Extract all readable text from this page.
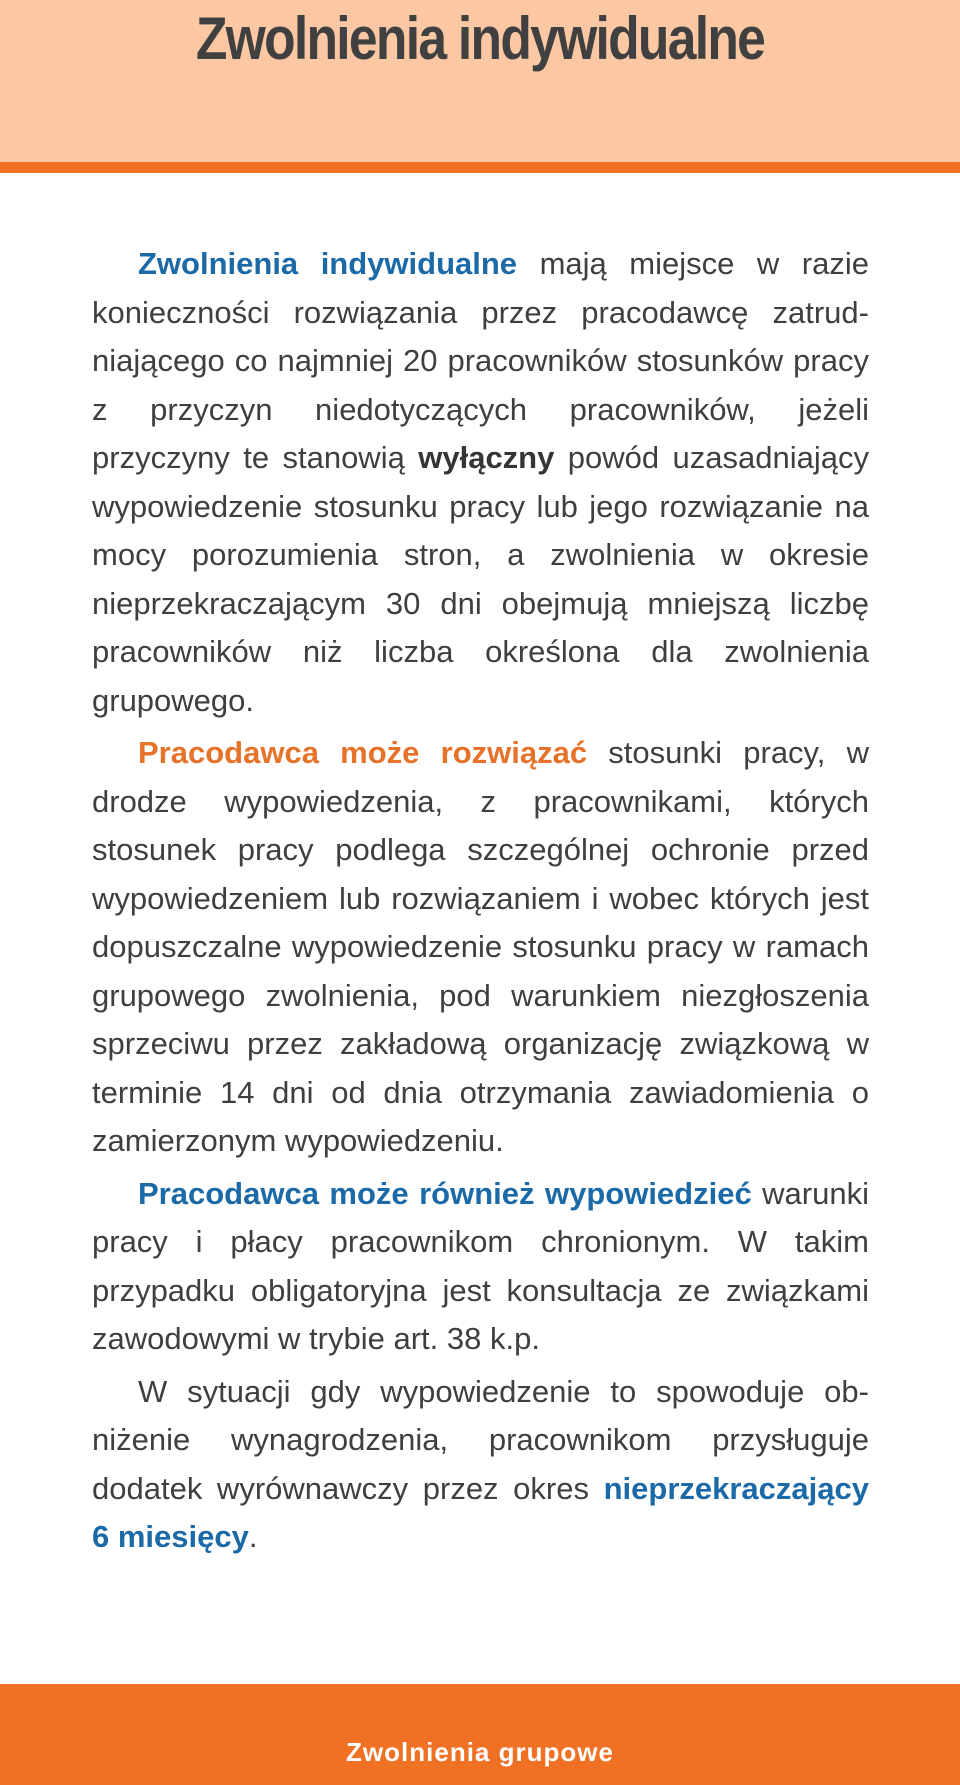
Zwolnienia indywidualne

Zwolnienia indywidualne mają miejsce w razie konieczności rozwiązania przez pracodawcę zatrudniającego co najmniej 20 pracowników stosunków pracy z przyczyn niedotyczących pracowników, jeżeli przyczyny te stanowią wyłączny powód uzasadniający wypowiedzenie stosunku pracy lub jego rozwiązanie na mocy porozumienia stron, a zwolnienia w okresie nieprzekraczającym 30 dni obejmują mniejszą liczbę pracowników niż liczba określona dla zwolnienia grupowego.

Pracodawca może rozwiązać stosunki pracy, w drodze wypowiedzenia, z pracownikami, których stosunek pracy podlega szczególnej ochronie przed wypowiedzeniem lub rozwiązaniem i wobec których jest dopuszczalne wypowiedzenie stosunku pracy w ramach grupowego zwolnienia, pod warunkiem niezgłoszenia sprzeciwu przez zakładową organizację związkową w terminie 14 dni od dnia otrzymania zawiadomienia o zamierzonym wypowiedzeniu.

Pracodawca może również wypowiedzieć warunki pracy i płacy pracownikom chronionym. W takim przypadku obligatoryjna jest konsultacja ze związkami zawodowymi w trybie art. 38 k.p.

W sytuacji gdy wypowiedzenie to spowoduje obniżenie wynagrodzenia, pracownikom przysługuje dodatek wyrównawczy przez okres nieprzekraczający 6 miesięcy.

Zwolnienia grupowe
